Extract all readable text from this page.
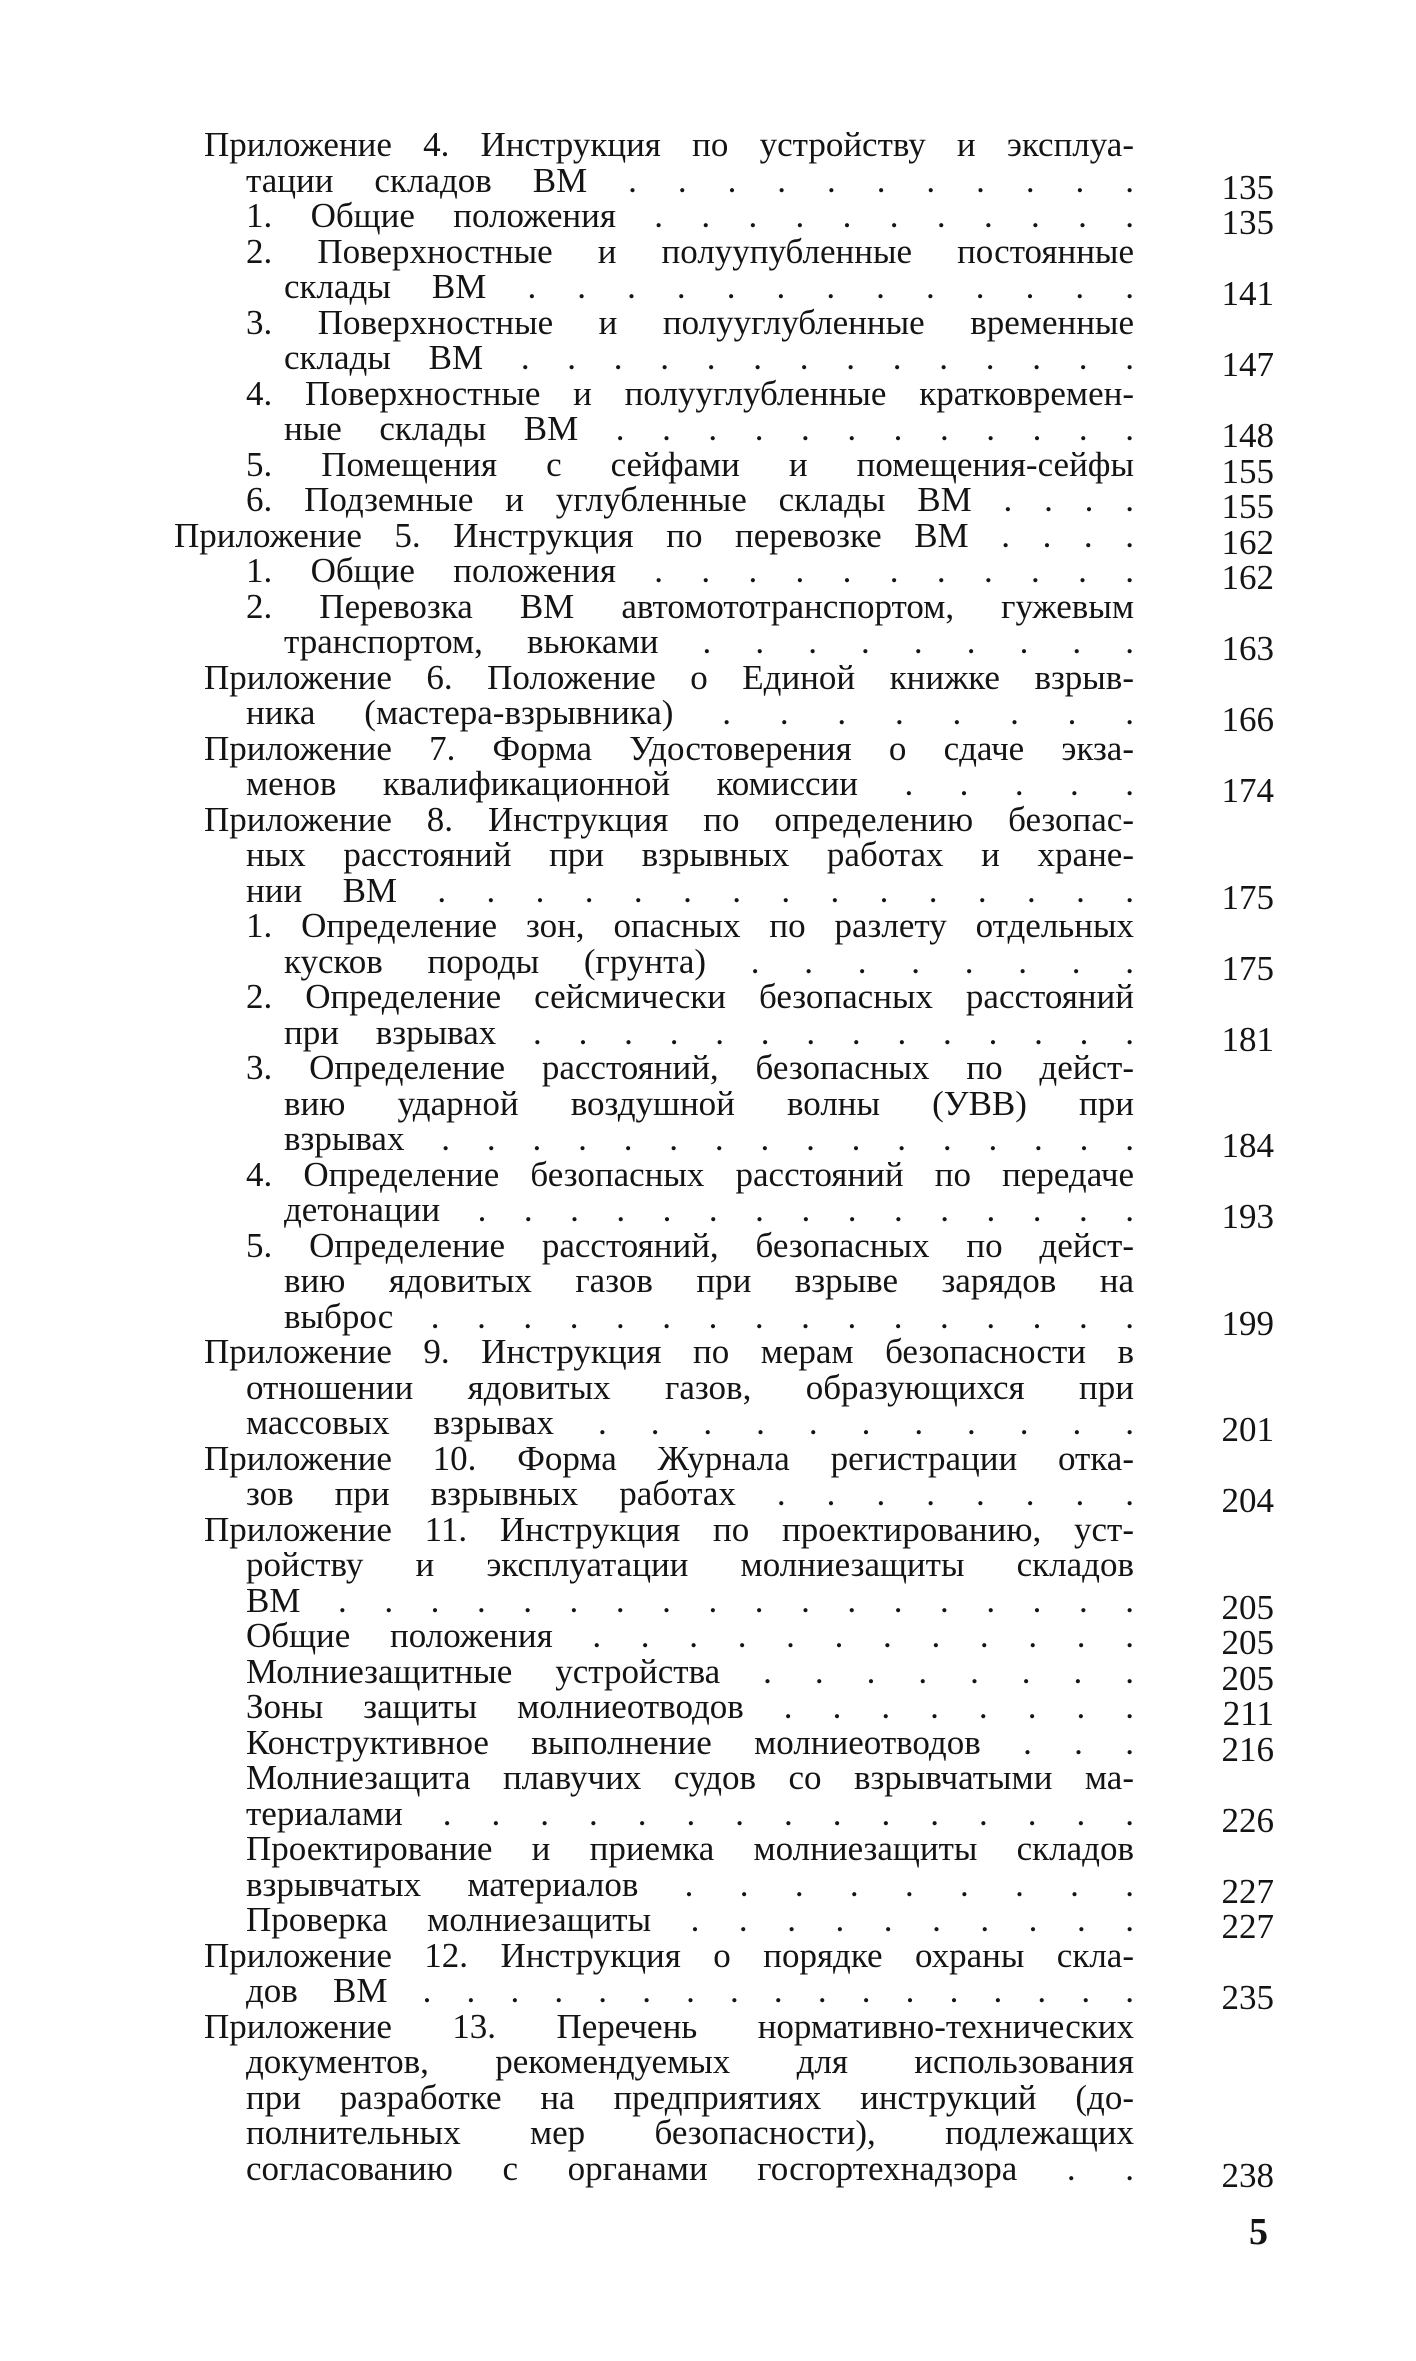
Приложение 4. Инструкция по устройству и эксплуа-
тации складов ВМ . . . . . . . . . . .	135
1. Общие положения . . . . . . . . . . .	135
2. Поверхностные и полуупубленные постоянные
склады ВМ . . . . . . . . . . . . .	141
3. Поверхностные и полууглубленные временные
склады ВМ . . . . . . . . . . . . . .	147
4. Поверхностные и полууглубленные кратковремен-
ные склады ВМ . . . . . . . . . . . .	148
5. Помещения с сейфами и помещения-сейфы	155
6. Подземные и углубленные склады ВМ . . . .	155
Приложение 5. Инструкция по перевозке ВМ . . . .	162
1. Общие положения . . . . . . . . . . .	162
2. Перевозка ВМ автомототранспортом, гужевым
транспортом, вьюками . . . . . . . . .	163
Приложение 6. Положение о Единой книжке взрыв-
ника (мастера-взрывника) . . . . . . . .	166
Приложение 7. Форма Удостоверения о сдаче экза-
менов квалификационной комиссии . . . . .	174
Приложение 8. Инструкция по определению безопас-
ных расстояний при взрывных работах и хране-
нии ВМ . . . . . . . . . . . . . . .	175
1. Определение зон, опасных по разлету отдельных
кусков породы (грунта) . . . . . . . .	175
2. Определение сейсмически безопасных расстояний
при взрывах . . . . . . . . . . . . . .	181
3. Определение расстояний, безопасных по дейст-
вию ударной воздушной волны (УВВ) при
взрывах . . . . . . . . . . . . . . . .	184
4. Определение безопасных расстояний по передаче
детонации . . . . . . . . . . . . . . .	193
5. Определение расстояний, безопасных по дейст-
вию ядовитых газов при взрыве зарядов на
выброс . . . . . . . . . . . . . . . .	199
Приложение 9. Инструкция по мерам безопасности в
отношении ядовитых газов, образующихся при
массовых взрывах . . . . . . . . . . .	201
Приложение 10. Форма Журнала регистрации отка-
зов при взрывных работах . . . . . . . .	204
Приложение 11. Инструкция по проектированию, уст-
ройству и эксплуатации молниезащиты складов
ВМ . . . . . . . . . . . . . . . . . .	205
Общие положения . . . . . . . . . . . .	205
Молниезащитные устройства . . . . . . . .	205
Зоны защиты молниеотводов . . . . . . . .	211
Конструктивное выполнение молниеотводов . . .	216
Молниезащита плавучих судов со взрывчатыми ма-
териалами . . . . . . . . . . . . . . .	226
Проектирование и приемка молниезащиты складов
взрывчатых материалов . . . . . . . . .	227
Проверка молниезащиты . . . . . . . . . .	227
Приложение 12. Инструкция о порядке охраны скла-
дов ВМ . . . . . . . . . . . . . . . . .	235
Приложение 13. Перечень нормативно-технических
документов, рекомендуемых для использования
при разработке на предприятиях инструкций (до-
полнительных мер безопасности), подлежащих
согласованию с органами госгортехнадзора . .	238
5
